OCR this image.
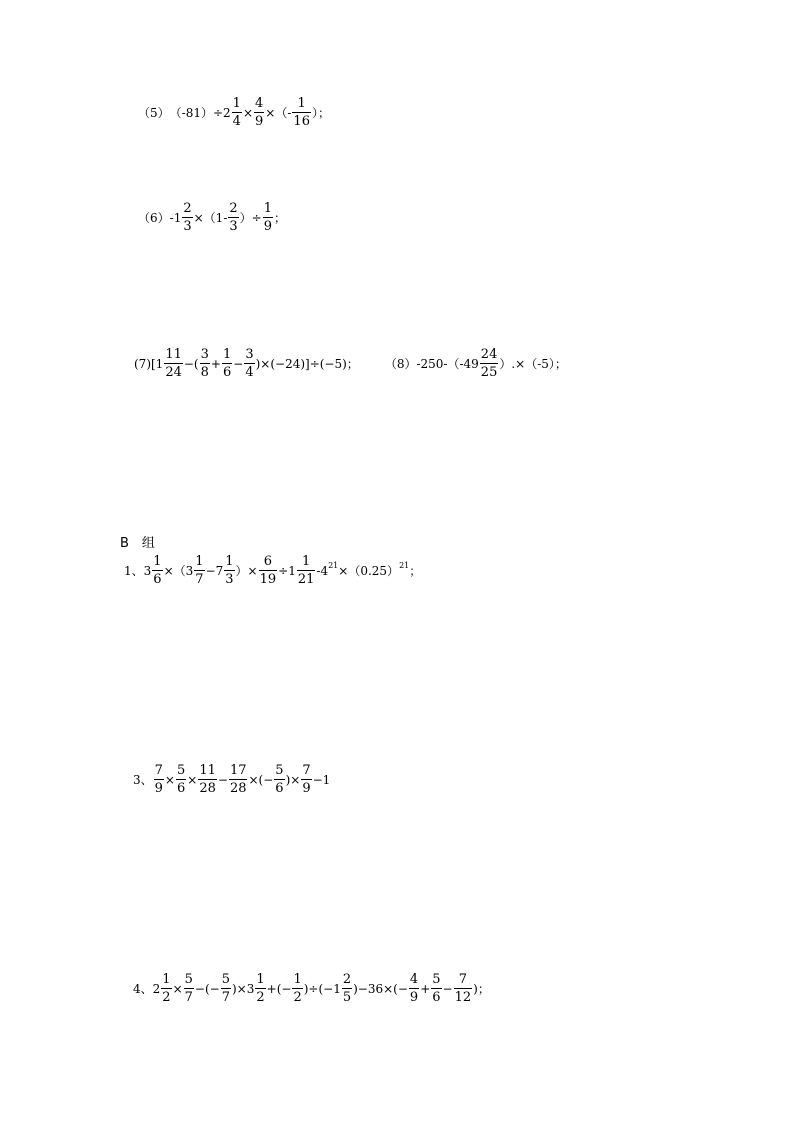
（5） $(-81)\div 2 \frac{1}{4} \times \frac{4}{9}$ ×（- $\frac{1}{16}$ ）；
（6） $-1 \frac{2}{3} \times(1- \frac{2}{3}$ ）÷ $\frac{1}{9}$ ；
(7) [$1 \frac{11}{24}$ −( $\frac{3}{8} + \frac{1}{6} - \frac{3}{4} )\times(-24)]\div(-5)$； （8） $-250-(-49 \frac{24}{25} ).\times(-5)$；
B　组
1、 $3 \frac{1}{6} \times(3 \frac{1}{7} -7 \frac{1}{3}$ ）× $\frac{6}{19} \div 1 \frac{1}{21} -4$ 21 ×（0.25） 21 ；
3、 $\frac{7}{9} \times \frac{5}{6} \times \frac{11}{28} - \frac{17}{28}$ ×(− $\frac{5}{6}$ )× $\frac{7}{9} -1$
4、 $2 \frac{1}{2} \times \frac{5}{7}$ −(− $\frac{5}{7} )\times 3 \frac{1}{2}$ +(− $\frac{1}{2} )\div(-1 \frac{2}{5} )-36\times(- \frac{4}{9} + \frac{5}{6} - \frac{7}{12}$ )；
